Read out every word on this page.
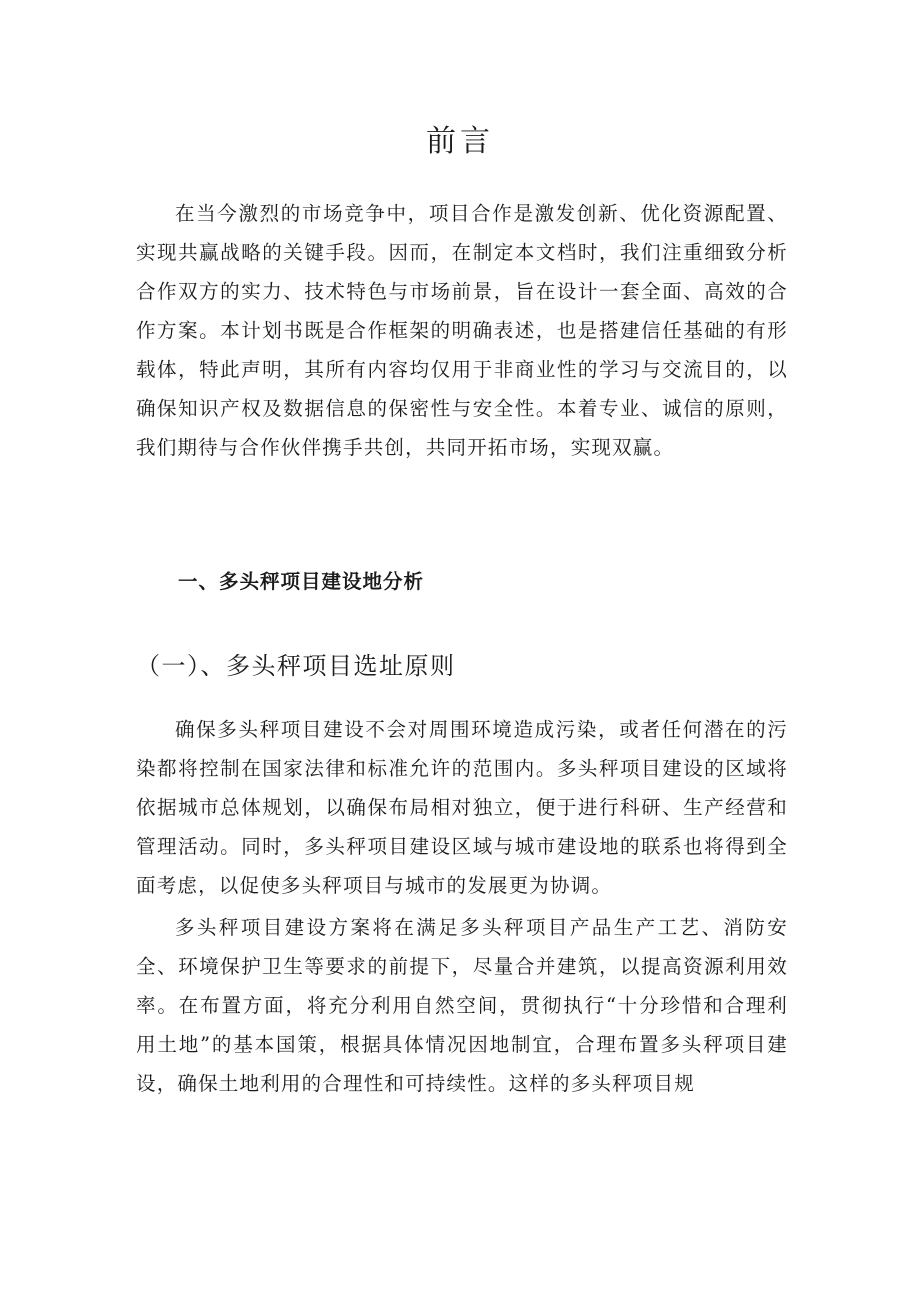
前言

在当今激烈的市场竞争中，项目合作是激发创新、优化资源配置、实现共赢战略的关键手段。因而，在制定本文档时，我们注重细致分析合作双方的实力、技术特色与市场前景，旨在设计一套全面、高效的合作方案。本计划书既是合作框架的明确表述，也是搭建信任基础的有形载体，特此声明，其所有内容均仅用于非商业性的学习与交流目的，以确保知识产权及数据信息的保密性与安全性。本着专业、诚信的原则，我们期待与合作伙伴携手共创，共同开拓市场，实现双赢。

一、多头秤项目建设地分析
（一）、多头秤项目选址原则

确保多头秤项目建设不会对周围环境造成污染，或者任何潜在的污染都将控制在国家法律和标准允许的范围内。多头秤项目建设的区域将依据城市总体规划，以确保布局相对独立，便于进行科研、生产经营和管理活动。同时，多头秤项目建设区域与城市建设地的联系也将得到全面考虑，以促使多头秤项目与城市的发展更为协调。

多头秤项目建设方案将在满足多头秤项目产品生产工艺、消防安全、环境保护卫生等要求的前提下，尽量合并建筑，以提高资源利用效率。在布置方面，将充分利用自然空间，贯彻执行“十分珍惜和合理利用土地”的基本国策，根据具体情况因地制宜，合理布置多头秤项目建设，确保土地利用的合理性和可持续性。这样的多头秤项目规
